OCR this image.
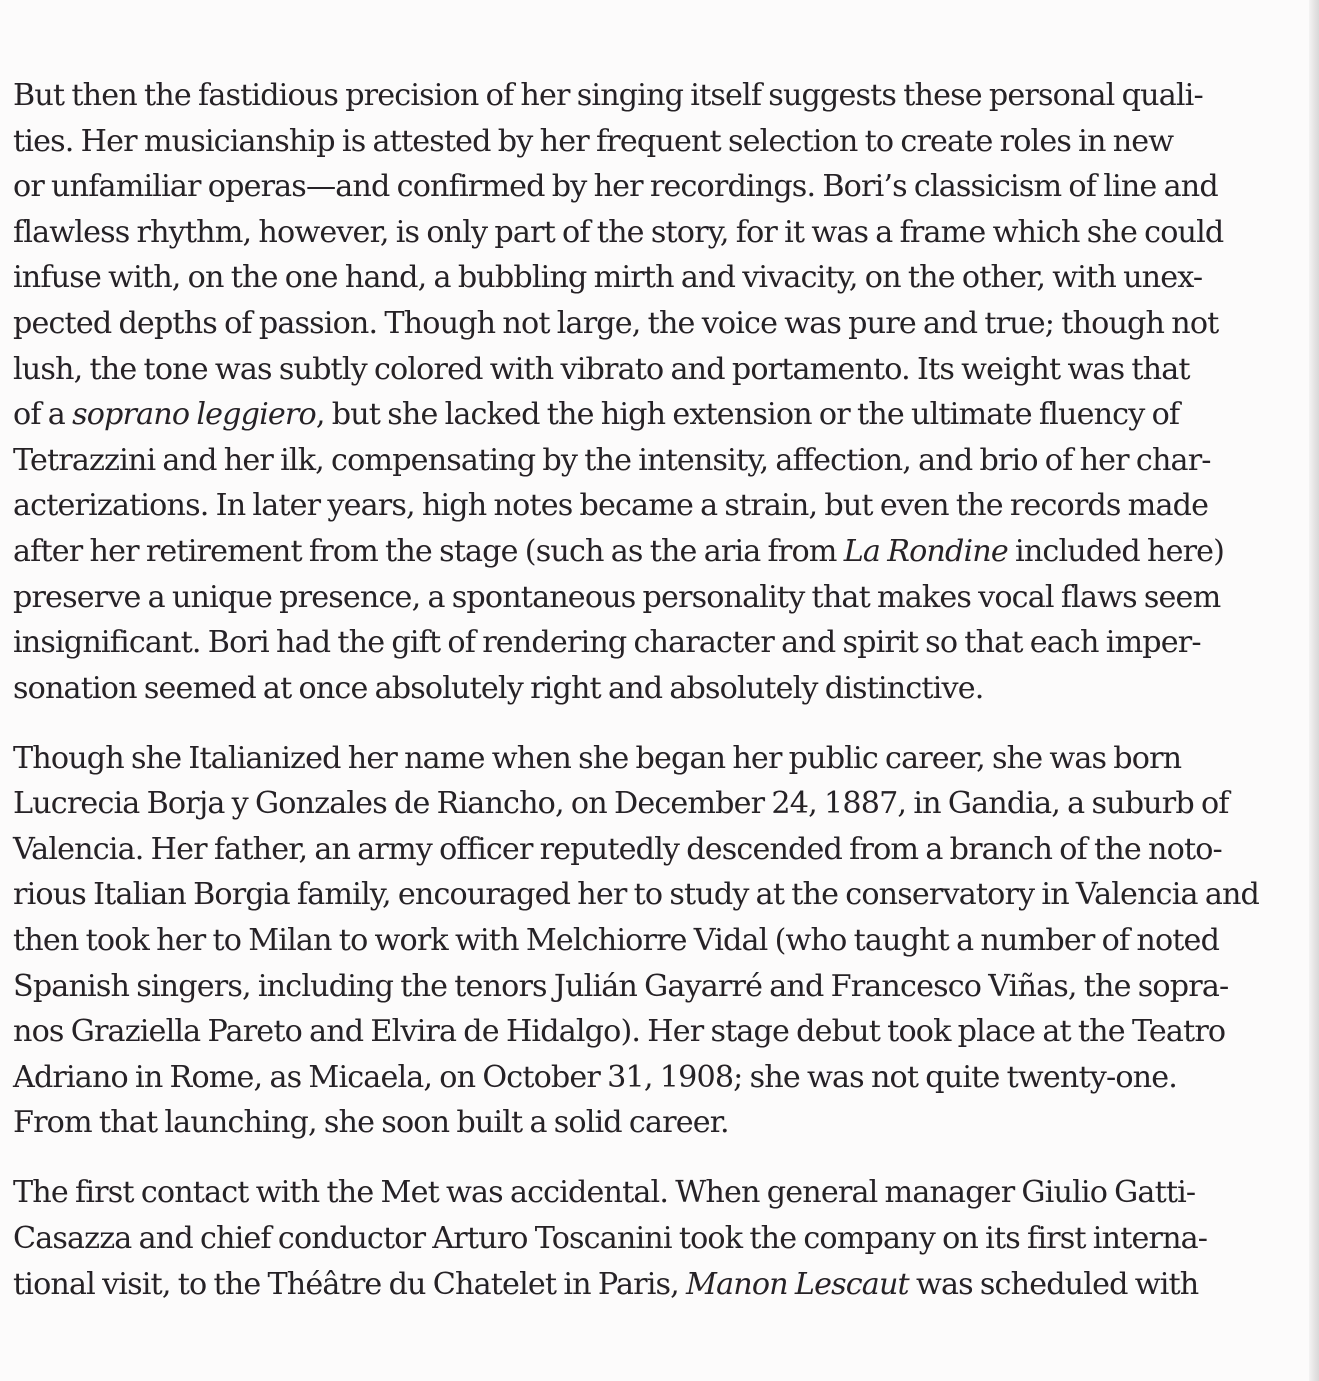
But then the fastidious precision of her singing itself suggests these personal quali-
ties. Her musicianship is attested by her frequent selection to create roles in new
or unfamiliar operas—and confirmed by her recordings. Bori’s classicism of line and
flawless rhythm, however, is only part of the story, for it was a frame which she could
infuse with, on the one hand, a bubbling mirth and vivacity, on the other, with unex-
pected depths of passion. Though not large, the voice was pure and true; though not
lush, the tone was subtly colored with vibrato and portamento. Its weight was that
of a soprano leggiero, but she lacked the high extension or the ultimate fluency of
Tetrazzini and her ilk, compensating by the intensity, affection, and brio of her char-
acterizations. In later years, high notes became a strain, but even the records made
after her retirement from the stage (such as the aria from La Rondine included here)
preserve a unique presence, a spontaneous personality that makes vocal flaws seem
insignificant. Bori had the gift of rendering character and spirit so that each imper-
sonation seemed at once absolutely right and absolutely distinctive.

Though she Italianized her name when she began her public career, she was born
Lucrecia Borja y Gonzales de Riancho, on December 24, 1887, in Gandia, a suburb of
Valencia. Her father, an army officer reputedly descended from a branch of the noto-
rious Italian Borgia family, encouraged her to study at the conservatory in Valencia and
then took her to Milan to work with Melchiorre Vidal (who taught a number of noted
Spanish singers, including the tenors Julián Gayarré and Francesco Viñas, the sopra-
nos Graziella Pareto and Elvira de Hidalgo). Her stage debut took place at the Teatro
Adriano in Rome, as Micaela, on October 31, 1908; she was not quite twenty-one.
From that launching, she soon built a solid career.

The first contact with the Met was accidental. When general manager Giulio Gatti-
Casazza and chief conductor Arturo Toscanini took the company on its first interna-
tional visit, to the Théâtre du Chatelet in Paris, Manon Lescaut was scheduled with
